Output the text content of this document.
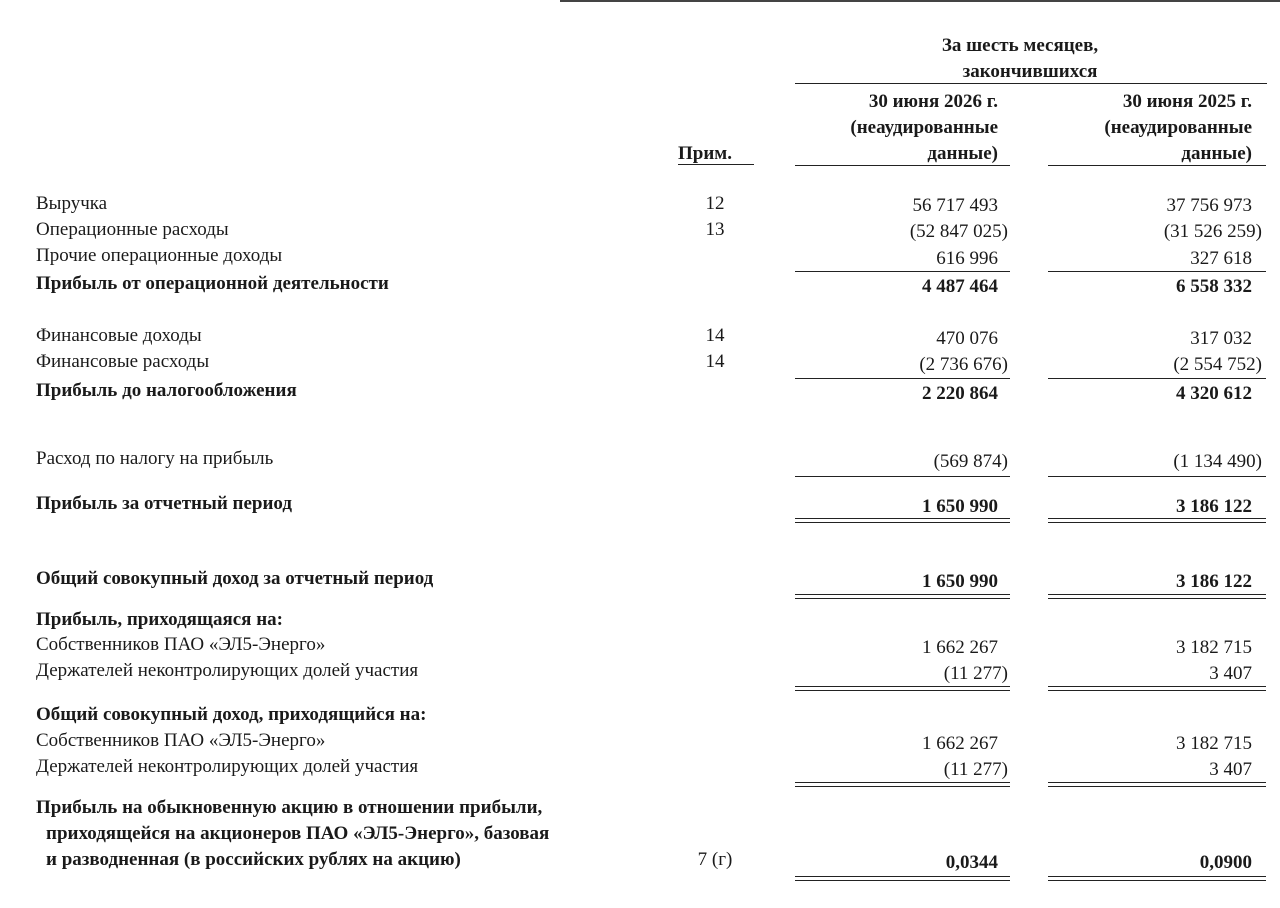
За шесть месяцев,
закончившихся
30 июня 2026 г.
(неаудированные
данные)
30 июня 2025 г.
(неаудированные
данные)
Прим.
Выручка	12	56 717 493	37 756 973
Операционные расходы	13	(52 847 025)	(31 526 259)
Прочие операционные доходы	616 996	327 618
Прибыль от операционной деятельности	4 487 464	6 558 332
Финансовые доходы	14	470 076	317 032
Финансовые расходы	14	(2 736 676)	(2 554 752)
Прибыль до налогообложения	2 220 864	4 320 612
Расход по налогу на прибыль	(569 874)	(1 134 490)
Прибыль за отчетный период	1 650 990	3 186 122
Общий совокупный доход за отчетный период	1 650 990	3 186 122
Прибыль, приходящаяся на:
Собственников ПАО «ЭЛ5-Энерго»	1 662 267	3 182 715
Держателей неконтролирующих долей участия	(11 277)	3 407
Общий совокупный доход, приходящийся на:
Собственников ПАО «ЭЛ5-Энерго»	1 662 267	3 182 715
Держателей неконтролирующих долей участия	(11 277)	3 407
Прибыль на обыкновенную акцию в отношении прибыли,
приходящейся на акционеров ПАО «ЭЛ5-Энерго», базовая
и разводненная (в российских рублях на акцию)	7 (г)	0,0344	0,0900
